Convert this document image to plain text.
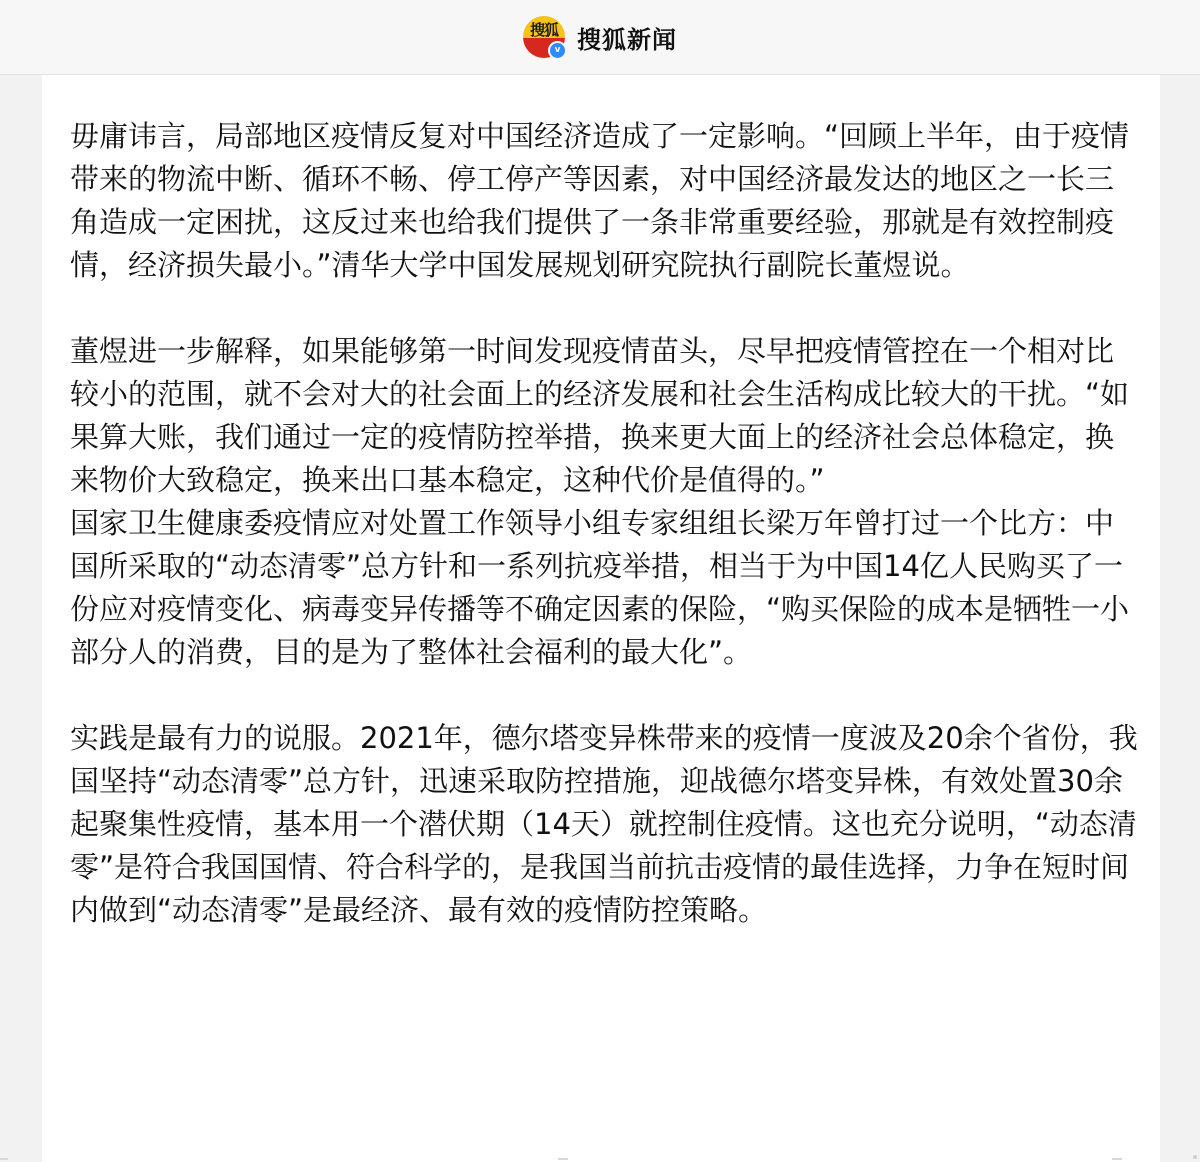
搜狐
v 搜狐新闻

毋庸讳言，局部地区疫情反复对中国经济造成了一定影响。“回顾上半年，由于疫情带来的物流中断、循环不畅、停工停产等因素，对中国经济最发达的地区之一长三角造成一定困扰，这反过来也给我们提供了一条非常重要经验，那就是有效控制疫情，经济损失最小。”清华大学中国发展规划研究院执行副院长董煜说。

董煜进一步解释，如果能够第一时间发现疫情苗头，尽早把疫情管控在一个相对比较小的范围，就不会对大的社会面上的经济发展和社会生活构成比较大的干扰。“如果算大账，我们通过一定的疫情防控举措，换来更大面上的经济社会总体稳定，换来物价大致稳定，换来出口基本稳定，这种代价是值得的。”

国家卫生健康委疫情应对处置工作领导小组专家组组长梁万年曾打过一个比方：中国所采取的“动态清零”总方针和一系列抗疫举措，相当于为中国14亿人民购买了一份应对疫情变化、病毒变异传播等不确定因素的保险，“购买保险的成本是牺牲一小部分人的消费，目的是为了整体社会福利的最大化”。

实践是最有力的说服。2021年，德尔塔变异株带来的疫情一度波及20余个省份，我国坚持“动态清零”总方针，迅速采取防控措施，迎战德尔塔变异株，有效处置30余起聚集性疫情，基本用一个潜伏期（14天）就控制住疫情。这也充分说明，“动态清零”是符合我国国情、符合科学的，是我国当前抗击疫情的最佳选择，力争在短时间内做到“动态清零”是最经济、最有效的疫情防控策略。
